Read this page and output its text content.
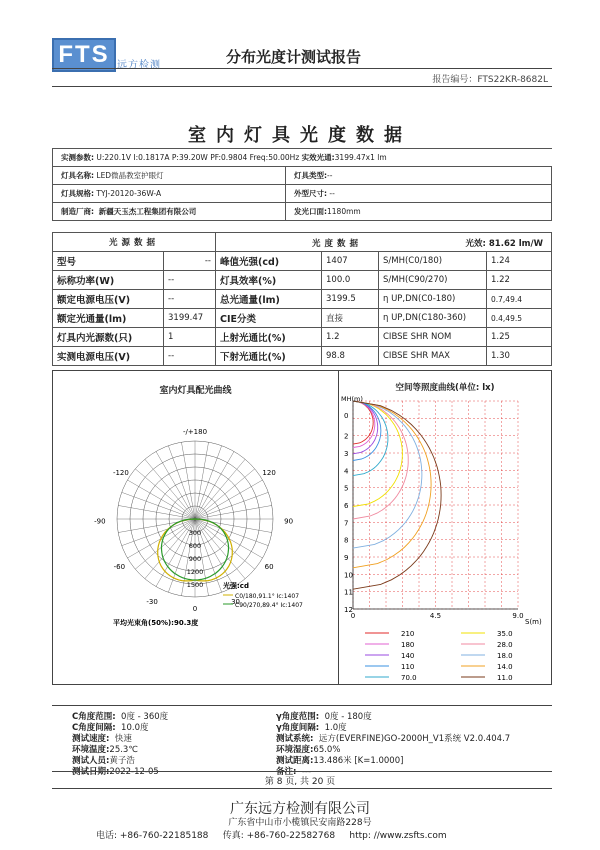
FTS 远方检测	分布光度计测试报告
报告编号：FTS22KR-8682L
室内灯具光度数据
实测参数: U:220.1V I:0.1817A P:39.20W PF:0.9804 Freq:50.00Hz 实效光通:3199.47x1 lm	
灯具名称: LED微晶教室护眼灯	灯具类型:--
灯具规格: TYJ-20120-36W-A	外型尺寸: --
制造厂商: 新疆天玉杰工程集团有限公司	发光口面:1180mm
光源数据		光度数据 光效: 81.62 lm/W			

型号	--	峰值光强(cd)	1407	S/MH(C0/180)	1.24
标称功率(W)	--	灯具效率(%)	100.0	S/MH(C90/270)	1.22
额定电源电压(V)	--	总光通量(lm)	3199.5	η UP,DN(C0-180)	0.7,49.4
额定光通量(lm)	3199.47	CIE分类	直接	η UP,DN(C180-360)	0.4,49.5
灯具内光源数(只)	1	上射光通比(%)	1.2	CIBSE SHR NOM	1.25
实测电源电压(V)	--	下射光通比(%)	98.8	CIBSE SHR MAX	1.30
室内灯具配光曲线
-/+180
-120	120
-90	90
-60	60
-30
0
30
300
600
900
1200
1500	光强:cd
C0/180,91.1° Ic:1407
C90/270,89.4° Ic:1407
平均光束角(50%):90.3度
空间等照度曲线(单位: lx)
0
2
3
4
5
6
7
8
9
10
11
12
0	4.5	9.0
MH(m)
S(m)
210	35.0
180	28.0
140	18.0
110	14.0
70.0	11.0
C角度范围: 0度 - 360度
C角度间隔: 10.0度
测试速度: 快速
环境温度:25.3℃
测试人员:黄子浩
测试日期:2022-12-05
γ角度范围: 0度 - 180度
γ角度间隔: 1.0度
测试系统: 远方(EVERFINE)GO-2000H_V1系统 V2.0.404.7
环境湿度:65.0%
测试距离:13.486米 [K=1.0000]
备注: ---
第 8 页, 共 20 页
广东远方检测有限公司
广东省中山市小榄镇民安南路228号
电话: +86-760-22185188 传真: +86-760-22582768 http: //www.zsfts.com
